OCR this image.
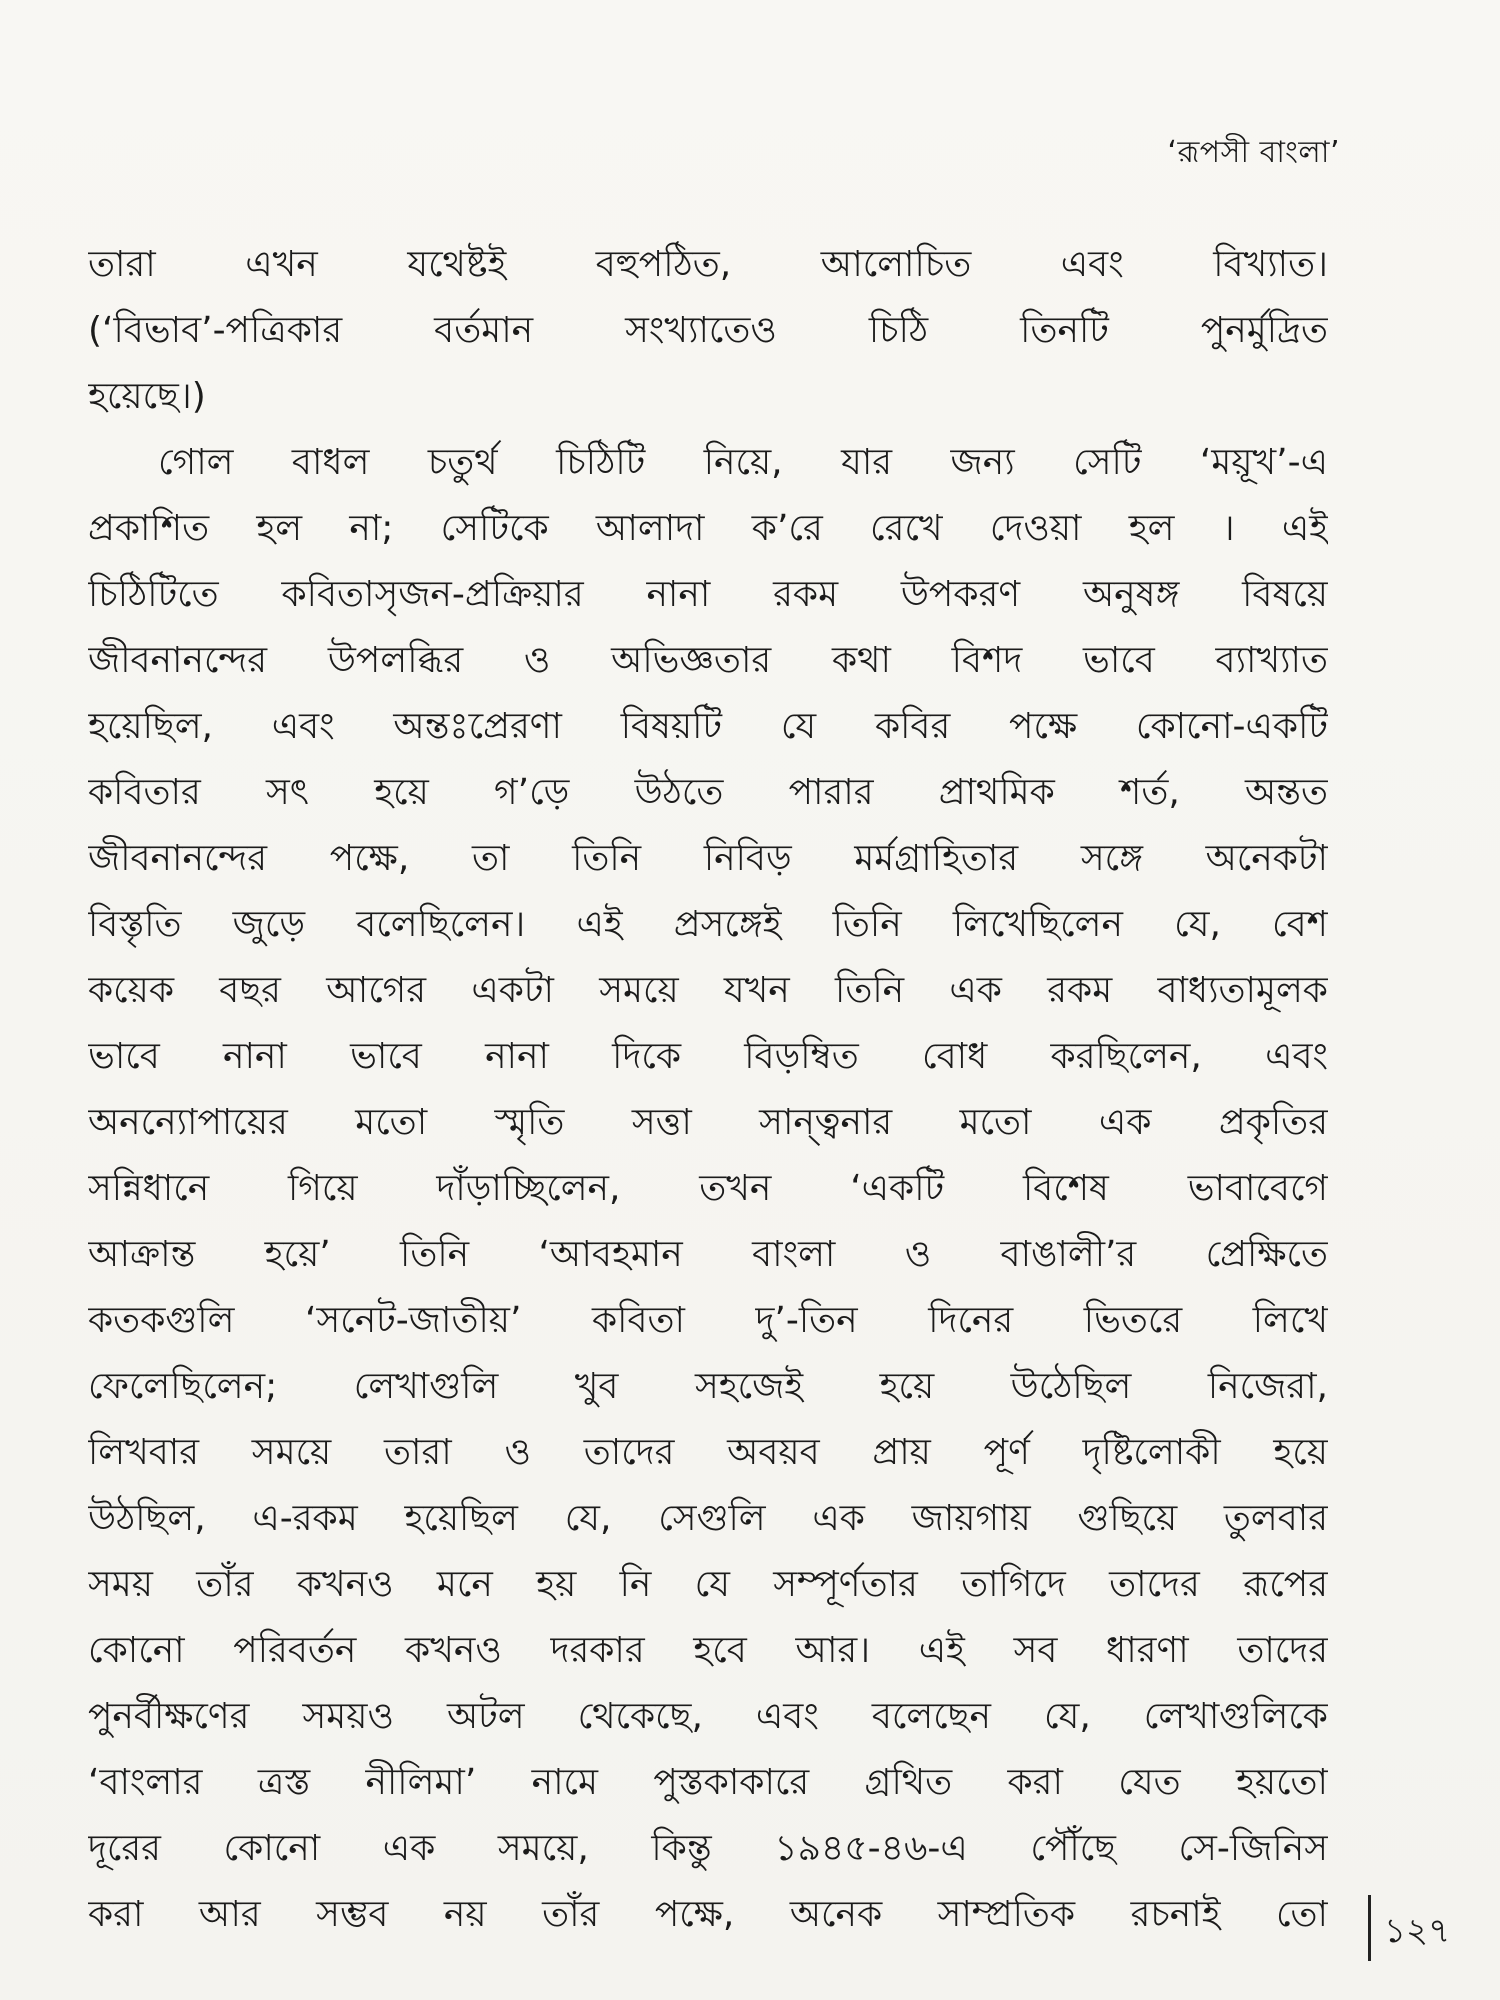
‘রূপসী বাংলা’
তারা এখন যথেষ্টই বহুপঠিত, আলোচিত এবং বিখ্যাত।
(‘বিভাব’-পত্রিকার বর্তমান সংখ্যাতেও চিঠি তিনটি পুনর্মুদ্রিত
হয়েছে।)
গোল বাধল চতুর্থ চিঠিটি নিয়ে, যার জন্য সেটি ‘ময়ূখ’-এ
প্রকাশিত হল না; সেটিকে আলাদা ক’রে রেখে দেওয়া হল । এই
চিঠিটিতে কবিতাসৃজন-প্রক্রিয়ার নানা রকম উপকরণ অনুষঙ্গ বিষয়ে
জীবনানন্দের উপলব্ধির ও অভিজ্ঞতার কথা বিশদ ভাবে ব্যাখ্যাত
হয়েছিল, এবং অন্তঃপ্রেরণা বিষয়টি যে কবির পক্ষে কোনো-একটি
কবিতার সৎ হয়ে গ’ড়ে উঠতে পারার প্রাথমিক শর্ত, অন্তত
জীবনানন্দের পক্ষে, তা তিনি নিবিড় মর্মগ্রাহিতার সঙ্গে অনেকটা
বিস্তৃতি জুড়ে বলেছিলেন। এই প্রসঙ্গেই তিনি লিখেছিলেন যে, বেশ
কয়েক বছর আগের একটা সময়ে যখন তিনি এক রকম বাধ্যতামূলক
ভাবে নানা ভাবে নানা দিকে বিড়ম্বিত বোধ করছিলেন, এবং
অনন্যোপায়ের মতো স্মৃতি সত্তা সান্ত্বনার মতো এক প্রকৃতির
সন্নিধানে গিয়ে দাঁড়াচ্ছিলেন, তখন ‘একটি বিশেষ ভাবাবেগে
আক্রান্ত হয়ে’ তিনি ‘আবহমান বাংলা ও বাঙালী’র প্রেক্ষিতে
কতকগুলি ‘সনেট-জাতীয়’ কবিতা দু’-তিন দিনের ভিতরে লিখে
ফেলেছিলেন; লেখাগুলি খুব সহজেই হয়ে উঠেছিল নিজেরা,
লিখবার সময়ে তারা ও তাদের অবয়ব প্রায় পূর্ণ দৃষ্টিলোকী হয়ে
উঠছিল, এ-রকম হয়েছিল যে, সেগুলি এক জায়গায় গুছিয়ে তুলবার
সময় তাঁর কখনও মনে হয় নি যে সম্পূর্ণতার তাগিদে তাদের রূপের
কোনো পরিবর্তন কখনও দরকার হবে আর। এই সব ধারণা তাদের
পুনর্বীক্ষণের সময়ও অটল থেকেছে, এবং বলেছেন যে, লেখাগুলিকে
‘বাংলার ত্রস্ত নীলিমা’ নামে পুস্তকাকারে গ্রথিত করা যেত হয়তো
দূরের কোনো এক সময়ে, কিন্তু ১৯৪৫-৪৬-এ পৌঁছে সে-জিনিস
করা আর সম্ভব নয় তাঁর পক্ষে, অনেক সাম্প্রতিক রচনাই তো ১২৭
